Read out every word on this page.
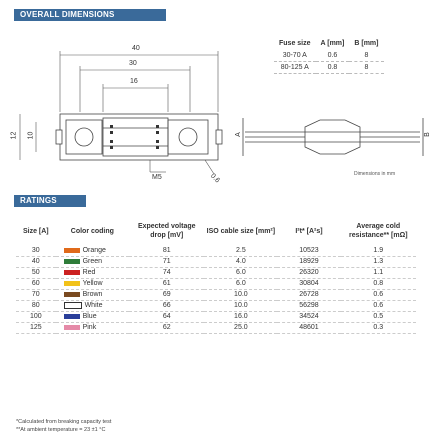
OVERALL DIMENSIONS
40
30
16
12 10
M5	0.6
A	B
Fuse size	A [mm]	B [mm]
30-70 A	0.6	8
80-125 A	0.8	8
Dimensions in mm
RATINGS
Size [A]	Color coding	Expected voltage drop [mV]	ISO cable size [mm²]	I²t* [A²s]	Average cold resistance** [mΩ]
30	Orange	81	2.5	10523	1.9
40	Green	71	4.0	18929	1.3
50	Red	74	6.0	26320	1.1
60	Yellow	61	6.0	30804	0.8
70	Brown	69	10.0	26728	0.6
80	White	66	10.0	56298	0.6
100	Blue	64	16.0	34524	0.5
125	Pink	62	25.0	48601	0.3
*Calculated from breaking capacity test
**At ambient temperature = 23 ±1 °C
